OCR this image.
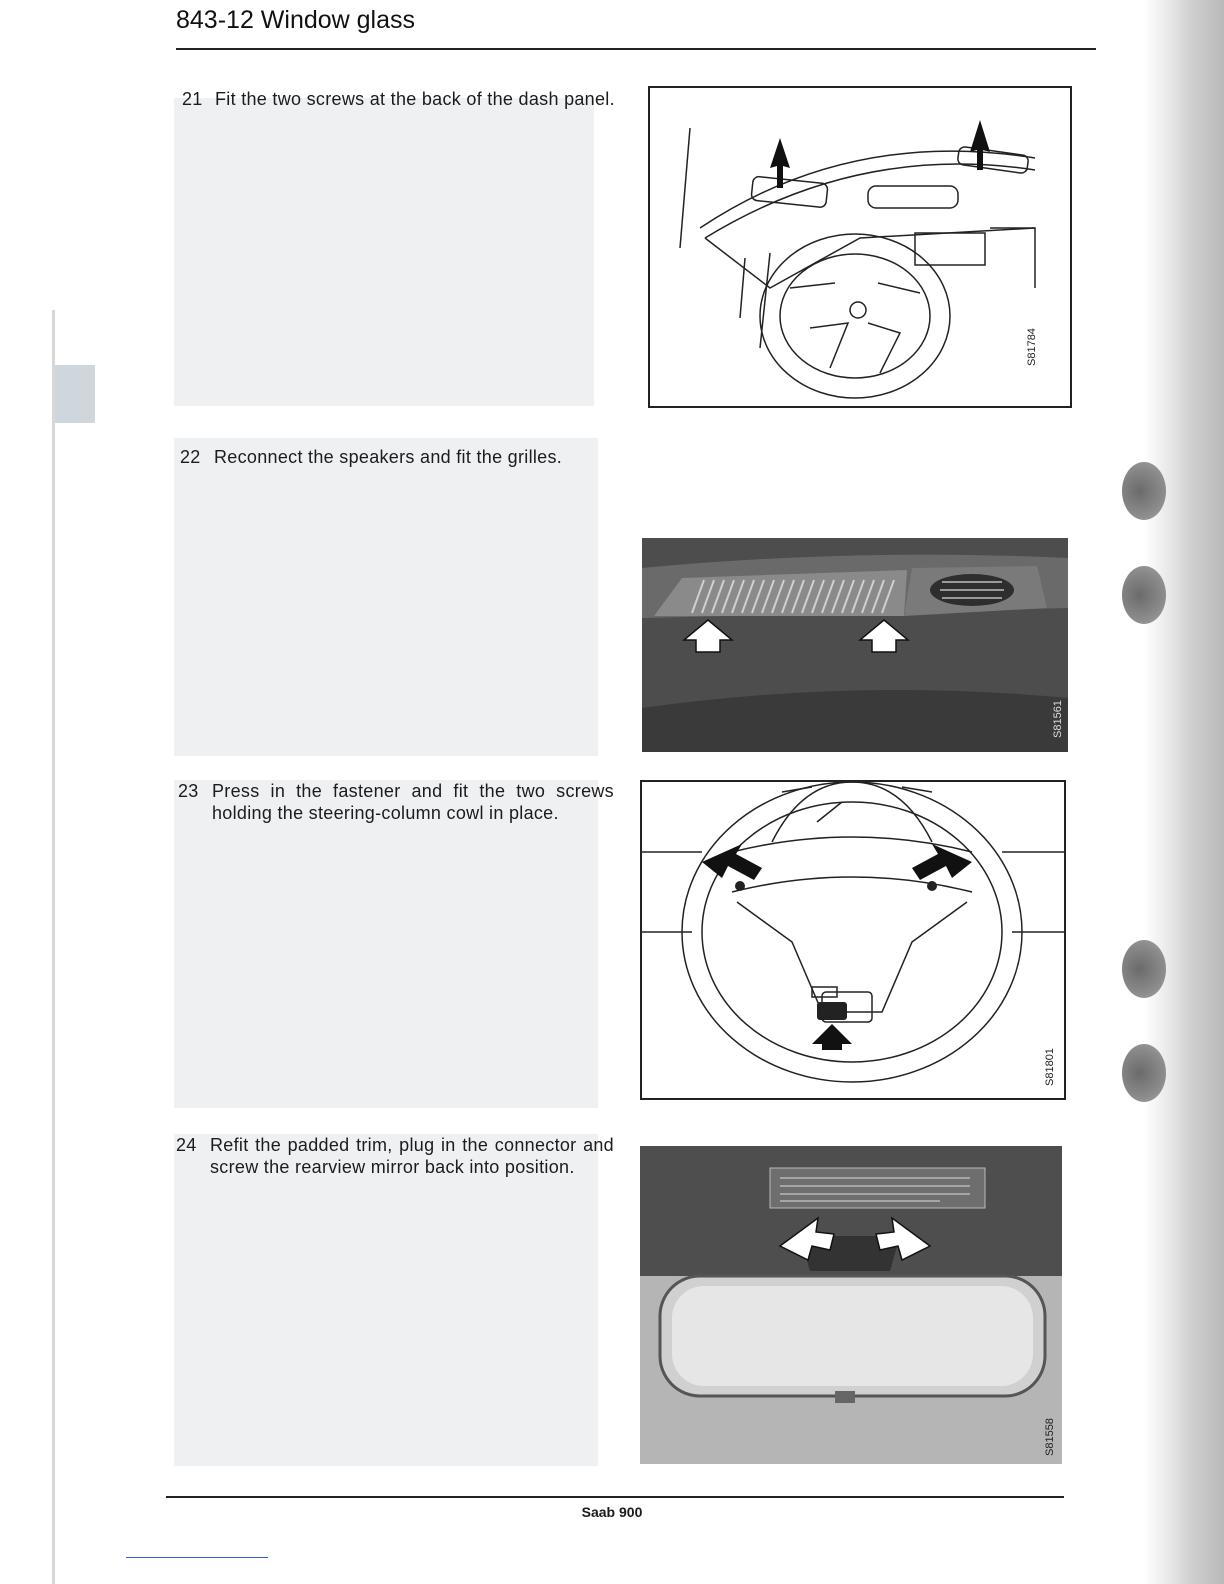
843-12 Window glass
21 Fit the two screws at the back of the dash panel.
S81784
22 Reconnect the speakers and fit the grilles.
S81561
23 Press in the fastener and fit the two screws holding the steering-column cowl in place.
S81801
24 Refit the padded trim, plug in the connector and screw the rearview mirror back into position.
S81558
Saab 900
